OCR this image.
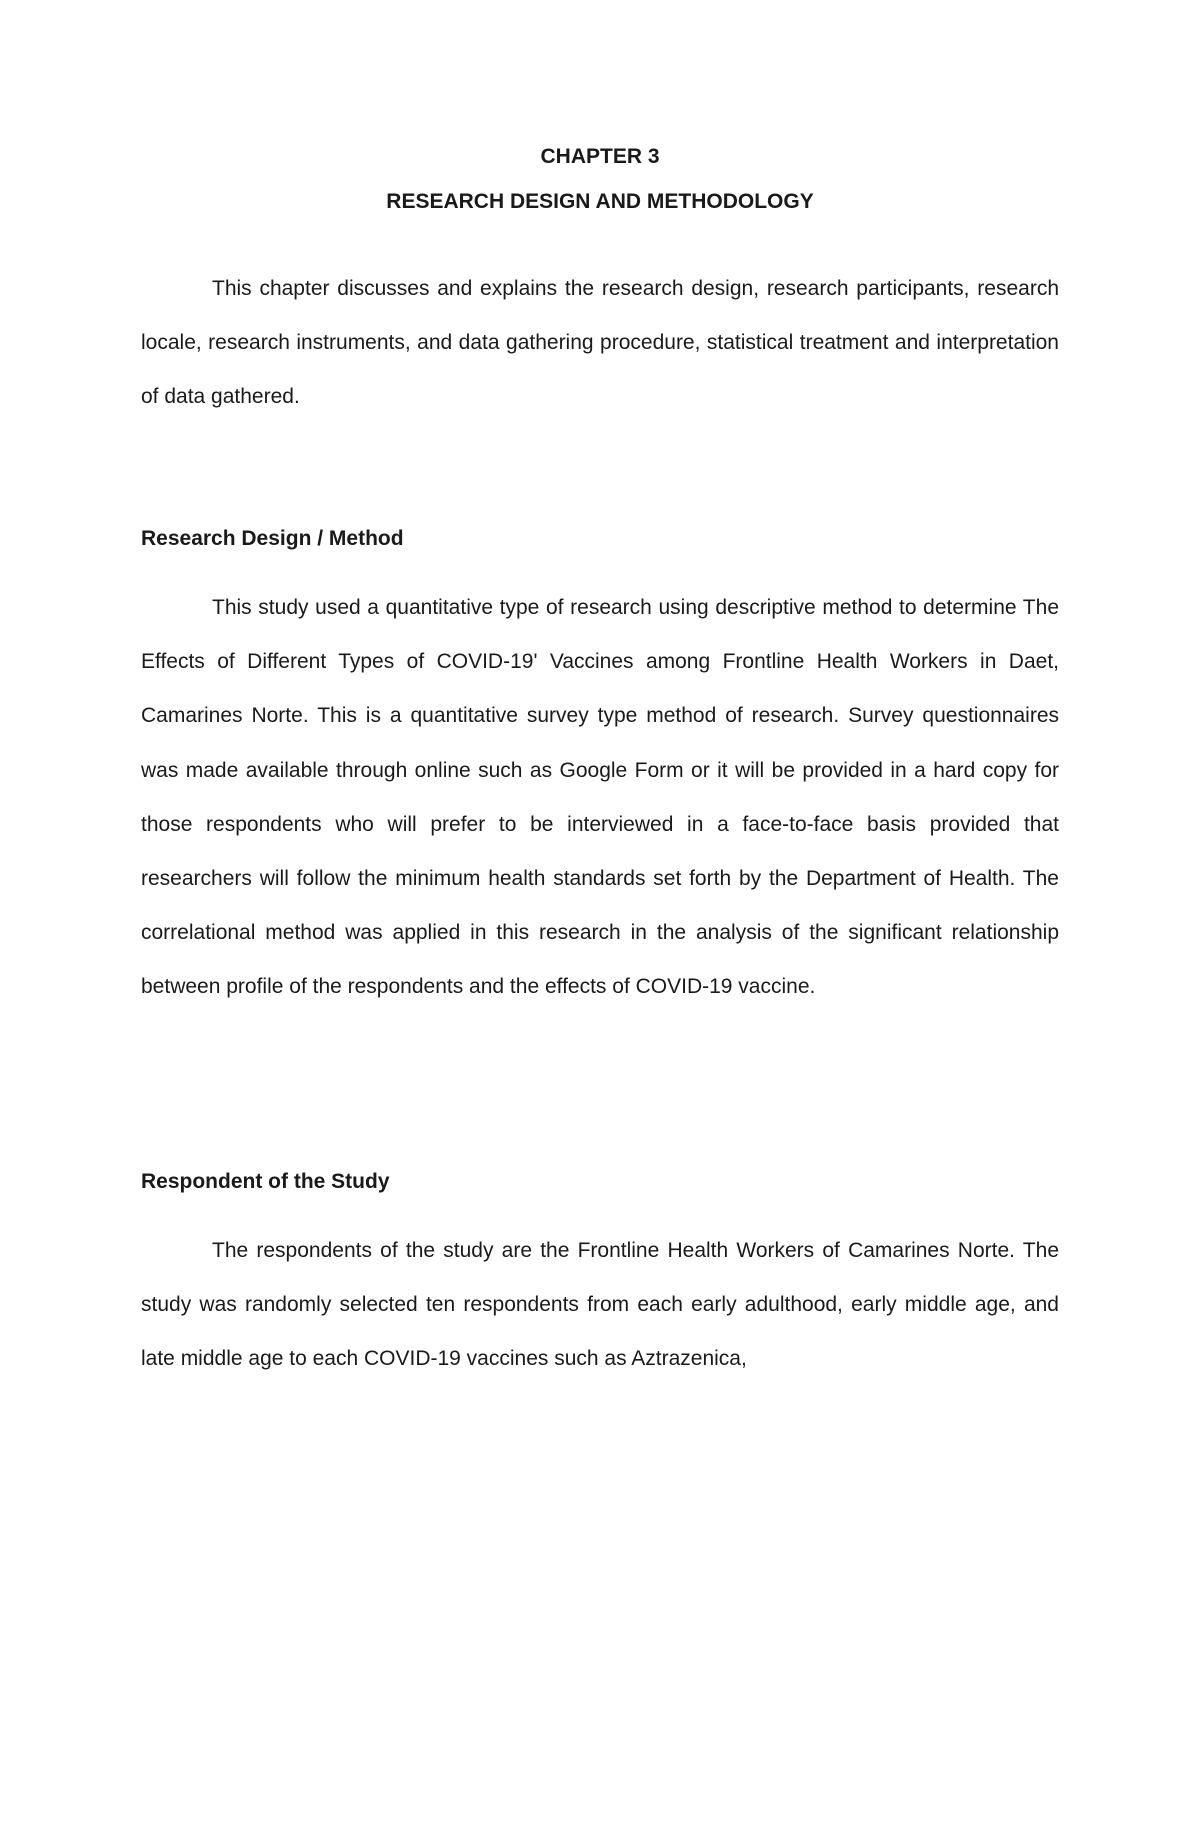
CHAPTER 3
RESEARCH DESIGN AND METHODOLOGY

This chapter discusses and explains the research design, research participants, research locale, research instruments, and data gathering procedure, statistical treatment and interpretation of data gathered.

Research Design / Method

This study used a quantitative type of research using descriptive method to determine The Effects of Different Types of COVID-19' Vaccines among Frontline Health Workers in Daet, Camarines Norte. This is a quantitative survey type method of research. Survey questionnaires was made available through online such as Google Form or it will be provided in a hard copy for those respondents who will prefer to be interviewed in a face-to-face basis provided that researchers will follow the minimum health standards set forth by the Department of Health. The correlational method was applied in this research in the analysis of the significant relationship between profile of the respondents and the effects of COVID-19 vaccine.

Respondent of the Study

The respondents of the study are the Frontline Health Workers of Camarines Norte. The study was randomly selected ten respondents from each early adulthood, early middle age, and late middle age to each COVID-19 vaccines such as Aztrazenica,
